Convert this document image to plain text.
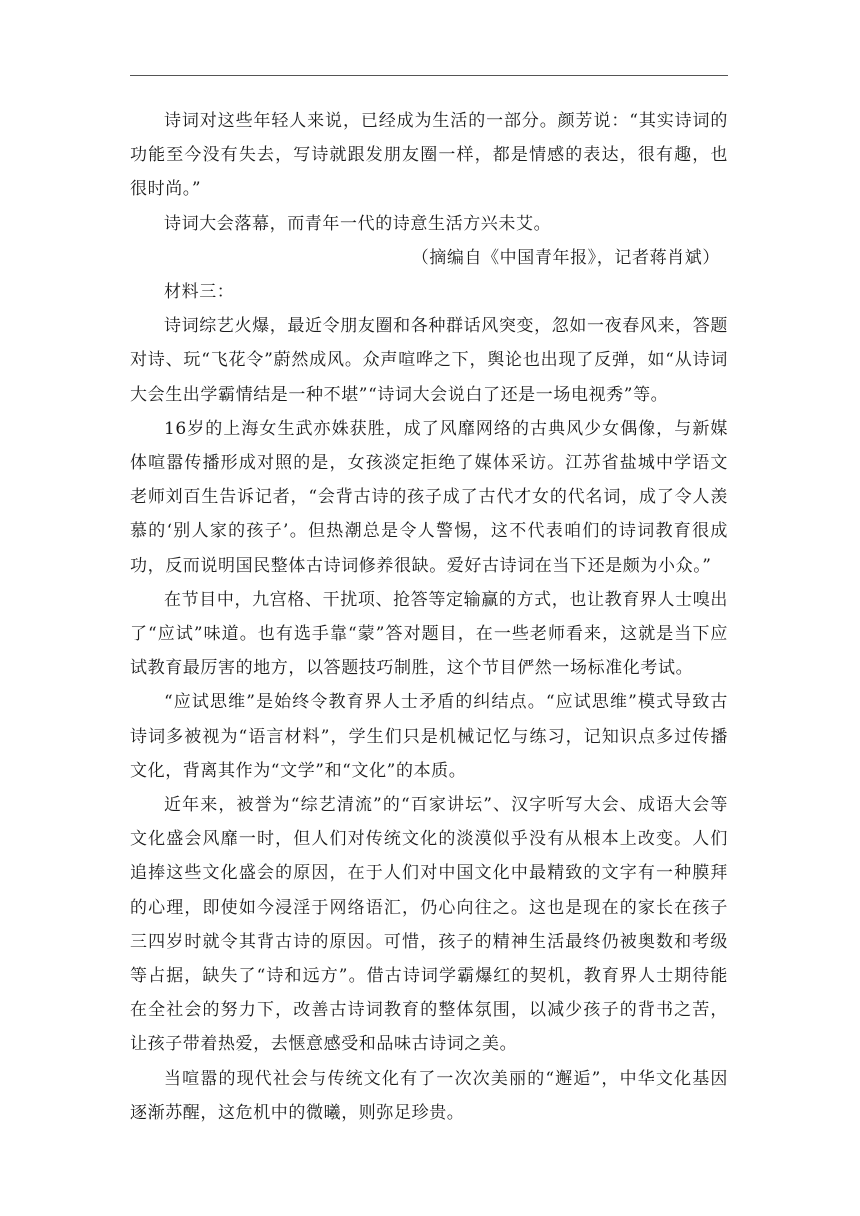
诗词对这些年轻人来说，已经成为生活的一部分。颜芳说：“其实诗词的功能至今没有失去，写诗就跟发朋友圈一样，都是情感的表达，很有趣，也很时尚。”

诗词大会落幕，而青年一代的诗意生活方兴未艾。

（摘编自《中国青年报》，记者蒋肖斌）

材料三：

诗词综艺火爆，最近令朋友圈和各种群话风突变，忽如一夜春风来，答题对诗、玩“飞花令”蔚然成风。众声喧哗之下，舆论也出现了反弹，如“从诗词大会生出学霸情结是一种不堪”“诗词大会说白了还是一场电视秀”等。

16岁的上海女生武亦姝获胜，成了风靡网络的古典风少女偶像，与新媒体喧嚣传播形成对照的是，女孩淡定拒绝了媒体采访。江苏省盐城中学语文老师刘百生告诉记者，“会背古诗的孩子成了古代才女的代名词，成了令人羡慕的‘别人家的孩子’。但热潮总是令人警惕，这不代表咱们的诗词教育很成功，反而说明国民整体古诗词修养很缺。爱好古诗词在当下还是颇为小众。”

在节目中，九宫格、干扰项、抢答等定输赢的方式，也让教育界人士嗅出了“应试”味道。也有选手靠“蒙”答对题目，在一些老师看来，这就是当下应试教育最厉害的地方，以答题技巧制胜，这个节目俨然一场标准化考试。

“应试思维”是始终令教育界人士矛盾的纠结点。“应试思维”模式导致古诗词多被视为“语言材料”，学生们只是机械记忆与练习，记知识点多过传播文化，背离其作为“文学”和“文化”的本质。

近年来，被誉为“综艺清流”的“百家讲坛”、汉字听写大会、成语大会等文化盛会风靡一时，但人们对传统文化的淡漠似乎没有从根本上改变。人们追捧这些文化盛会的原因，在于人们对中国文化中最精致的文字有一种膜拜的心理，即使如今浸淫于网络语汇，仍心向往之。这也是现在的家长在孩子三四岁时就令其背古诗的原因。可惜，孩子的精神生活最终仍被奥数和考级等占据，缺失了“诗和远方”。借古诗词学霸爆红的契机，教育界人士期待能在全社会的努力下，改善古诗词教育的整体氛围，以减少孩子的背书之苦，让孩子带着热爱，去惬意感受和品味古诗词之美。

当喧嚣的现代社会与传统文化有了一次次美丽的“邂逅”，中华文化基因逐渐苏醒，这危机中的微曦，则弥足珍贵。
